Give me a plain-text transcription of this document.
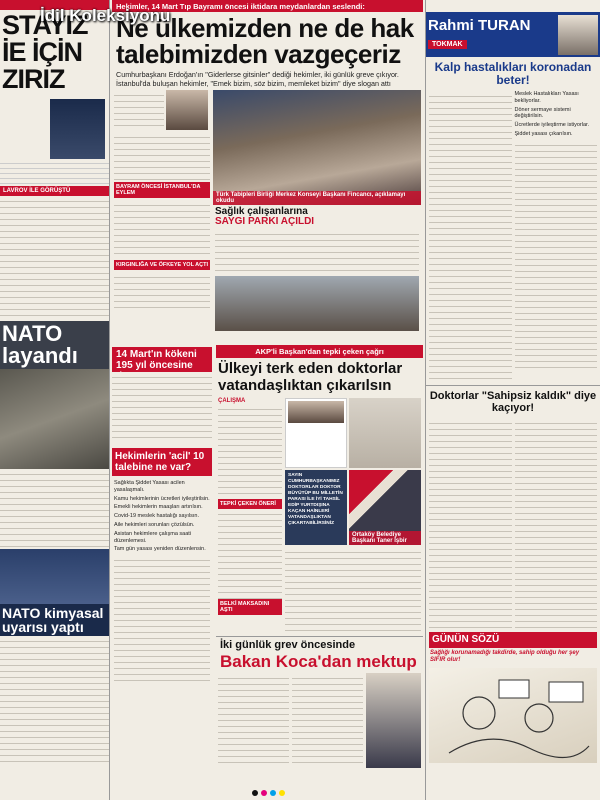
İdil Koleksiyonu
STAYIZ
İE İÇİN
ZIRIZ

LAVROV İLE GÖRÜŞTÜ
NATO
layandı
NATO kimyasal
uyarısı yaptı
Hekimler, 14 Mart Tıp Bayramı öncesi iktidara meydanlardan seslendi:
Ne ülkemizden ne de hak
talebimizden vazgeçeriz
Cumhurbaşkanı Erdoğan'ın "Giderlerse gitsinler" dediği hekimler, iki günlük greve çıkıyor. İstanbul'da buluşan hekimler, "Emek bizim, söz bizim, memleket bizim" diye slogan attı
BAYRAM ÖNCESİ İSTANBUL'DA EYLEM
KIRGINLIĞA VE ÖFKEYE YOL AÇTI
Türk Tabipleri Birliği Merkez Konseyi Başkanı Fincancı, açıklamayı okudu
Sağlık çalışanlarına
SAYGI PARKI AÇILDI
14 Mart'ın kökeni 195 yıl öncesine
AKP'li Başkan'dan tepki çeken çağrı
Ülkeyi terk eden doktorlar
vatandaşlıktan çıkarılsın
Hekimlerin 'acil' 10 talebine ne var?
Sağlıkta Şiddet Yasası acilen yasalaşmalı.
Kamu hekimlerinin ücretleri iyileştirilsin.
Emekli hekimlerin maaşları artırılsın.
Covid-19 meslek hastalığı sayılsın.
Aile hekimleri sorunları çözülsün.
Asistan hekimlere çalışma saati düzenlemesi.
Tam gün yasası yeniden düzenlensin.
ÇALIŞMA
TEPKİ ÇEKEN ÖNERİ
BELKİ MAKSADINI AŞTI
SAYIN CUMHURBAŞKANIMIZ DOKTORLAR DOKTOR BÜYÜTÜP BU MİLLETİN PARASI İLE İYİ TAHSİL EDİP YURTDIŞINA KAÇAN HAİNLERİ VATANDAŞLIKTAN ÇIKARTABİLİRSİNİZ
Ortaköy Belediye Başkanı Taner İşbir
İki günlük grev öncesinde
Bakan Koca'dan mektup
Rahmi TURAN
TOKMAK
Kalp hastalıkları koronadan beter!
Meslek Hastalıkları Yasası bekliyorlar.
Döner sermaye sistemi değiştirilsin.
Ücretlerde iyileştirme istiyorlar.
Şiddet yasası çıkarılsın.
Doktorlar "Sahipsiz kaldık" diye kaçıyor!
GÜNÜN SÖZÜ
Sağlığı korunamadığı takdirde, sahip olduğu her şey SIFIR olur!
